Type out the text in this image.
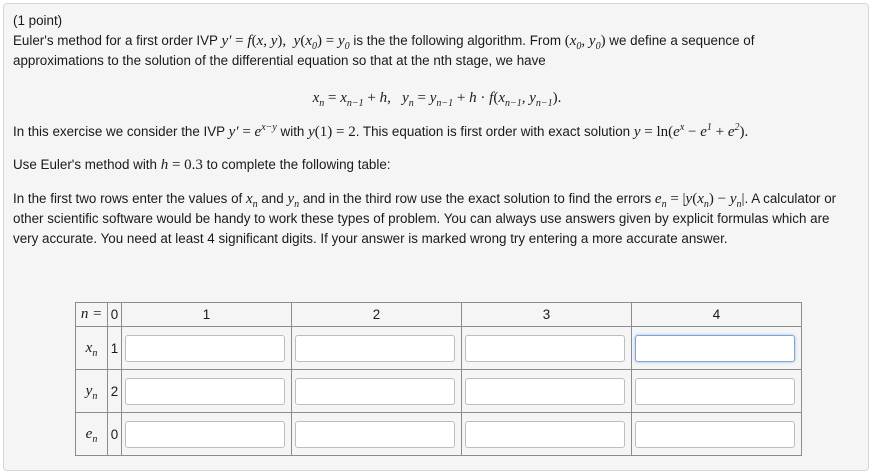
(1 point)
Euler's method for a first order IVP y′ = f(x, y),  $y(x_0) = y_0$ is the the following algorithm. From ($x_0$, $y_0$) we define a sequence of
approximations to the solution of the differential equation so that at the nth stage, we have
$x_n = x_{n-1} + h$,   $y_n = y_{n-1} + h \cdot f(x_{n-1}$, $y_{n-1}$).
In this exercise we consider the IVP $y' = e^{x-y}$ with y(1) = 2. This equation is first order with exact solution $y = \ln(e^x - e^1 + e^2)$.
Use Euler's method with h = 0.3 to complete the following table:
In the first two rows enter the values of $x_n$ and $y_n$ and in the third row use the exact solution to find the errors $e_n = |y(x_n) - y_n|$. A calculator or other scientific software would be handy to work these types of problem. You can always use answers given by explicit formulas which are very accurate. You need at least 4 significant digits. If your answer is marked wrong try entering a more accurate answer.
n =	0	1	2	3	4
$x_n$	1	

$y_n$	2	

$e_n$	0	
